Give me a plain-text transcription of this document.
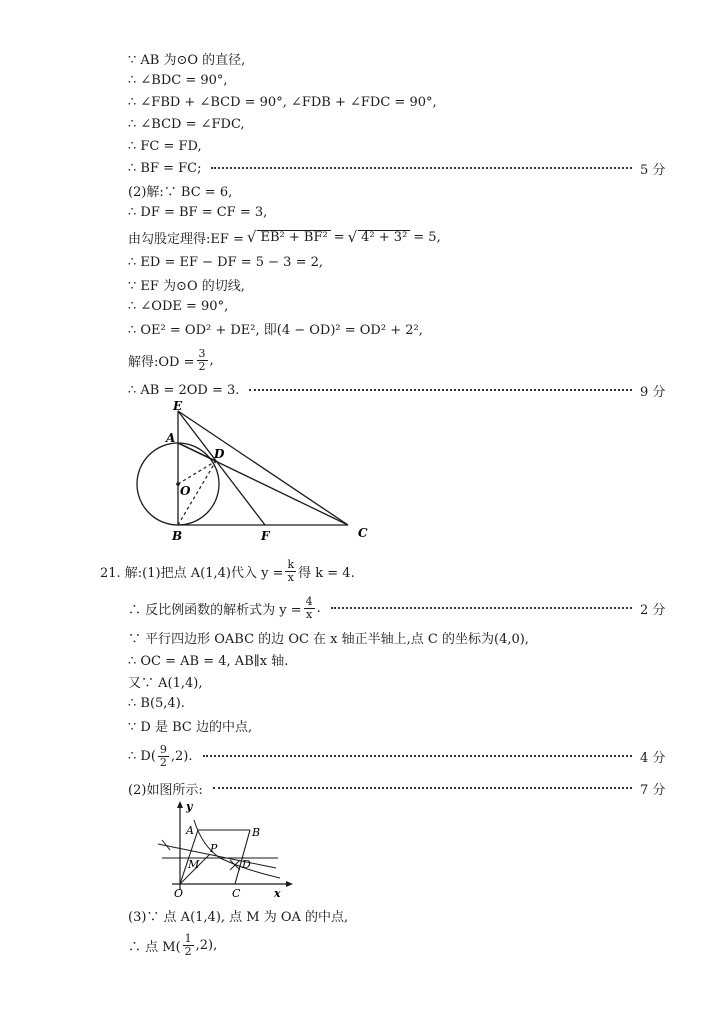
∵ AB 为⊙O 的直径,
∴ ∠BDC = 90°,
∴ ∠FBD + ∠BCD = 90°, ∠FDB + ∠FDC = 90°,
∴ ∠BCD = ∠FDC,
∴ FC = FD,
∴ BF = FC;	5 分
(2)解:∵ BC = 6,
∴ DF = BF = CF = 3,
由勾股定理得:EF = √ EB² + BF² = √ 4² + 3² = 5,
∴ ED = EF − DF = 5 − 3 = 2,
∵ EF 为⊙O 的切线,
∴ ∠ODE = 90°,
∴ OE² = OD² + DE², 即(4 − OD)² = OD² + 2²,
解得:OD = $\frac{3}{2}$ ,
∴ AB = 2OD = 3.	9 分
E
A
D
O
B	F	C
21. 解:(1)把点 A(1,4)代入 $y = \frac{k}{x}$ 得 k = 4.
∴ 反比例函数的解析式为 $y = \frac{4}{x}$ .	2 分
∵ 平行四边形 OABC 的边 OC 在 x 轴正半轴上,点 C 的坐标为(4,0),
∴ OC = AB = 4, AB∥x 轴.
又∵ A(1,4),
∴ B(5,4).
∵ D 是 BC 边的中点,
∴ $D( \frac{9}{2} ,2)$.	4 分
(2)如图所示:	7 分
y
A	B
P
M	D
O	C	x
(3)∵ 点 A(1,4), 点 M 为 OA 的中点,
∴ 点 $M( \frac{1}{2} ,2)$,
